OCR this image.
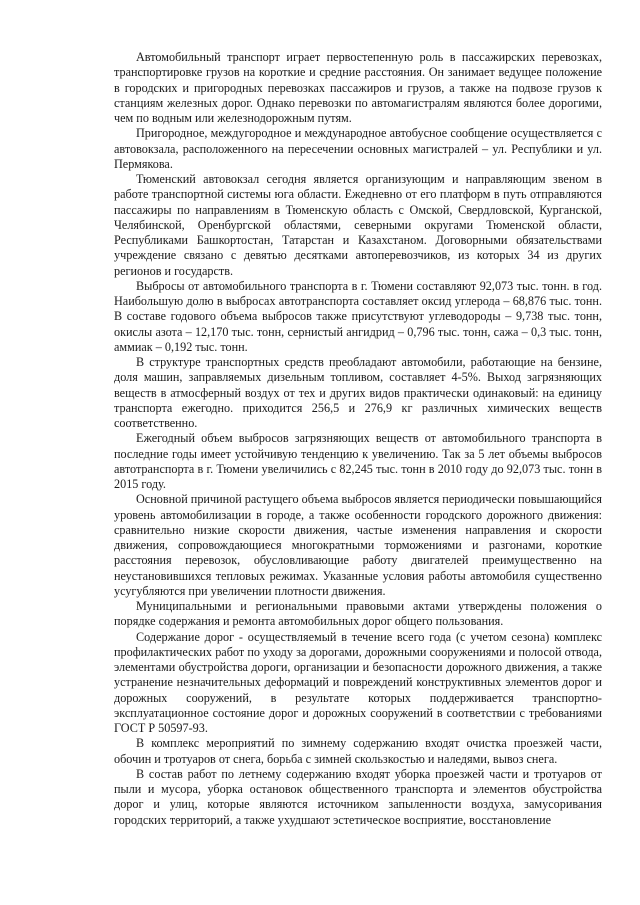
Автомобильный транспорт играет первостепенную роль в пассажирских перевозках, транспортировке грузов на короткие и средние расстояния. Он занимает ведущее положение в городских и пригородных перевозках пассажиров и грузов, а также на подвозе грузов к станциям железных дорог. Однако перевозки по автомагистралям являются более дорогими, чем по водным или железнодорожным путям.

Пригородное, междугородное и международное автобусное сообщение осуществляется с автовокзала, расположенного на пересечении основных магистралей – ул. Республики и ул. Пермякова.

Тюменский автовокзал сегодня является организующим и направляющим звеном в работе транспортной системы юга области. Ежедневно от его платформ в путь отправляются пассажиры по направлениям в Тюменскую область с Омской, Свердловской, Курганской, Челябинской, Оренбургской областями, северными округами Тюменской области, Республиками Башкортостан, Татарстан и Казахстаном. Договорными обязательствами учреждение связано с девятью десятками автоперевозчиков, из которых 34 из других регионов и государств.

Выбросы от автомобильного транспорта в г. Тюмени составляют 92,073 тыс. тонн. в год. Наибольшую долю в выбросах автотранспорта составляет оксид углерода – 68,876 тыс. тонн. В составе годового объема выбросов также присутствуют углеводороды – 9,738 тыс. тонн, окислы азота – 12,170 тыс. тонн, сернистый ангидрид – 0,796 тыс. тонн, сажа – 0,3 тыс. тонн, аммиак – 0,192 тыс. тонн.

В структуре транспортных средств преобладают автомобили, работающие на бензине, доля машин, заправляемых дизельным топливом, составляет 4-5%. Выход загрязняющих веществ в атмосферный воздух от тех и других видов практически одинаковый: на единицу транспорта ежегодно. приходится 256,5 и 276,9 кг различных химических веществ соответственно.

Ежегодный объем выбросов загрязняющих веществ от автомобильного транспорта в последние годы имеет устойчивую тенденцию к увеличению. Так за 5 лет объемы выбросов автотранспорта в г. Тюмени увеличились с 82,245 тыс. тонн в 2010 году до 92,073 тыс. тонн в 2015 году.

Основной причиной растущего объема выбросов является периодически повышающийся уровень автомобилизации в городе, а также особенности городского дорожного движения: сравнительно низкие скорости движения, частые изменения направления и скорости движения, сопровождающиеся многократными торможениями и разгонами, короткие расстояния перевозок, обусловливающие работу двигателей преимущественно на неустановившихся тепловых режимах. Указанные условия работы автомобиля существенно усугубляются при увеличении плотности движения.

Муниципальными и региональными правовыми актами утверждены положения о порядке содержания и ремонта автомобильных дорог общего пользования.

Содержание дорог - осуществляемый в течение всего года (с учетом сезона) комплекс профилактических работ по уходу за дорогами, дорожными сооружениями и полосой отвода, элементами обустройства дороги, организации и безопасности дорожного движения, а также устранение незначительных деформаций и повреждений конструктивных элементов дорог и дорожных сооружений, в результате которых поддерживается транспортно-эксплуатационное состояние дорог и дорожных сооружений в соответствии с требованиями ГОСТ Р 50597-93.

В комплекс мероприятий по зимнему содержанию входят очистка проезжей части, обочин и тротуаров от снега, борьба с зимней скользкостью и наледями, вывоз снега.

В состав работ по летнему содержанию входят уборка проезжей части и тротуаров от пыли и мусора, уборка остановок общественного транспорта и элементов обустройства дорог и улиц, которые являются источником запыленности воздуха, замусоривания городских территорий, а также ухудшают эстетическое восприятие, восстановление
